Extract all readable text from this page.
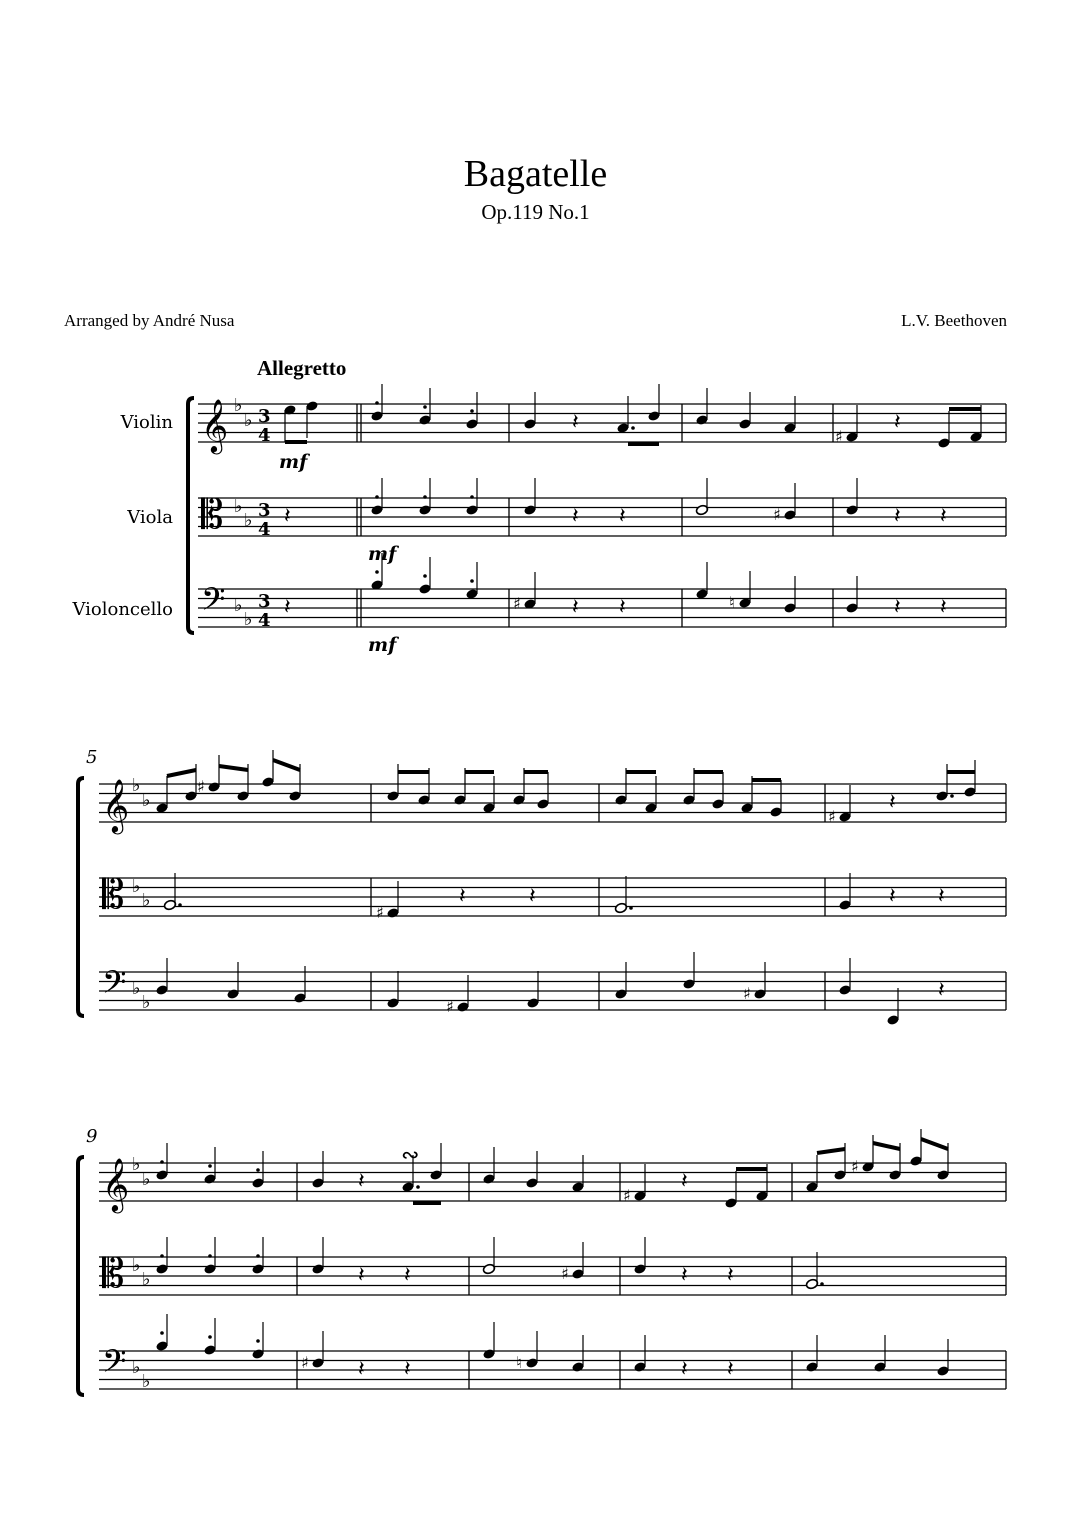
Bagatelle
Op.119 No.1
Arranged by André Nusa	L.V. Beethoven
Allegretto
Violin
Viola
Violoncello
𝄞
𝄡
𝄢
♭
♭
♭
♭
♭
♭
3
4
3
4
3
4
mf
𝄽
𝄽
mf
mf
𝄽
𝄽 𝄽
♯ 𝄽 𝄽
♯
♮
♯
𝄽
𝄽 𝄽
𝄽 𝄽
5
𝄞
𝄡
𝄢
♭
♭
♭
♭
♭
♭
♯
♯
𝄽	𝄽
♯
♯
♯
𝄽
𝄽 𝄽
𝄽
9
𝄞
𝄡
𝄢
♭
♭
♭
♭
♭
♭
𝄽
∾
𝄽 𝄽
♯ 𝄽 𝄽
♯
♮
♯
𝄽
𝄽 𝄽
𝄽 𝄽
♯
